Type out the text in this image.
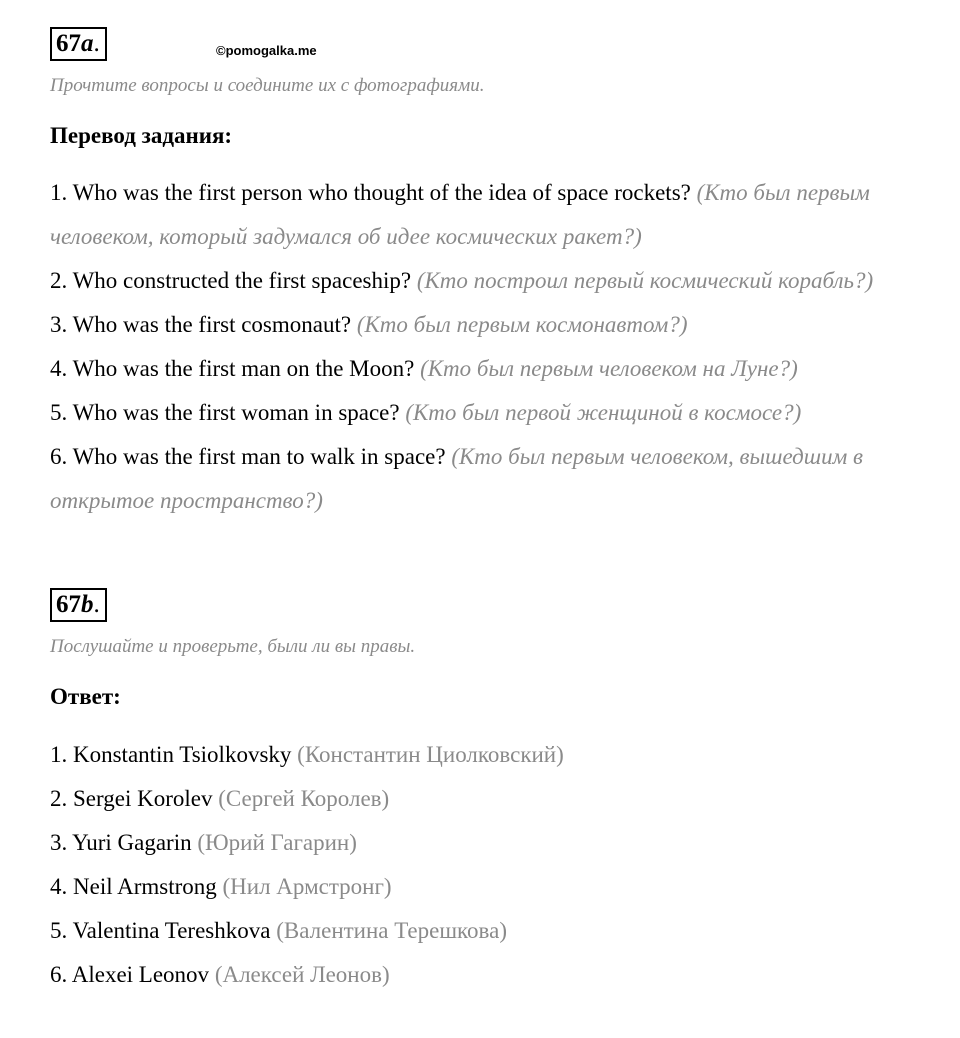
67a.	©pomogalka.me
Прочтите вопросы и соедините их с фотографиями.
Перевод задания:
1. Who was the first person who thought of the idea of space rockets? (Кто был первым человеком, который задумался об идее космических ракет?)
2. Who constructed the first spaceship? (Кто построил первый космический корабль?)
3. Who was the first cosmonaut? (Кто был первым космонавтом?)
4. Who was the first man on the Moon? (Кто был первым человеком на Луне?)
5. Who was the first woman in space? (Кто был первой женщиной в космосе?)
6. Who was the first man to walk in space? (Кто был первым человеком, вышедшим в открытое пространство?)
67b.
Послушайте и проверьте, были ли вы правы.
Ответ:
1. Konstantin Tsiolkovsky (Константин Циолковский)
2. Sergei Korolev (Сергей Королев)
3. Yuri Gagarin (Юрий Гагарин)
4. Neil Armstrong (Нил Армстронг)
5. Valentina Tereshkova (Валентина Терешкова)
6. Alexei Leonov (Алексей Леонов)
